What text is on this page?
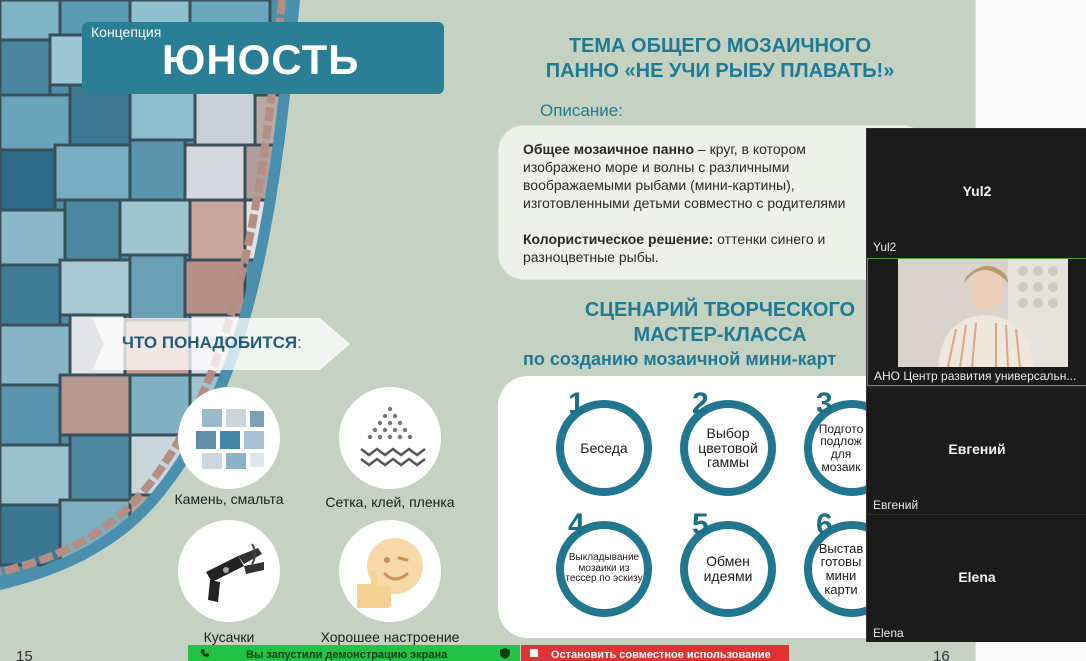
Концепция
ЮНОСТЬ	ТЕМА ОБЩЕГО МОЗАИЧНОГО
ПАННО «НЕ УЧИ РЫБУ ПЛАВАТЬ!»
Описание:
Общее мозаичное панно – круг, в котором изображено море и волны с различными воображаемыми рыбами (мини-картины), изготовленными детьми совместно с родителями
Колористическое решение: оттенки синего и разноцветные рыбы.
ЧТО ПОНАДОБИТСЯ:
Камень, смальта	Сетка, клей, пленка
Кусачки	Хорошее настроение
СЦЕНАРИЙ ТВОРЧЕСКОГО
МАСТЕР-КЛАССА
по созданию мозаичной мини-карт
1
Беседа
2
Выбор цветовой гаммы
3
Подгото подлож для мозаик
4
Выкладывание мозаики из тессер по эскизу
5
Обмен идеями
6
Выстав готовы мини карти
15	16
Yul2
Yul2
АНО Центр развития универсальн...
Евгений
Евгений
Elena
Elena
Вы запустили демонстрацию экрана	Остановить совместное использование
